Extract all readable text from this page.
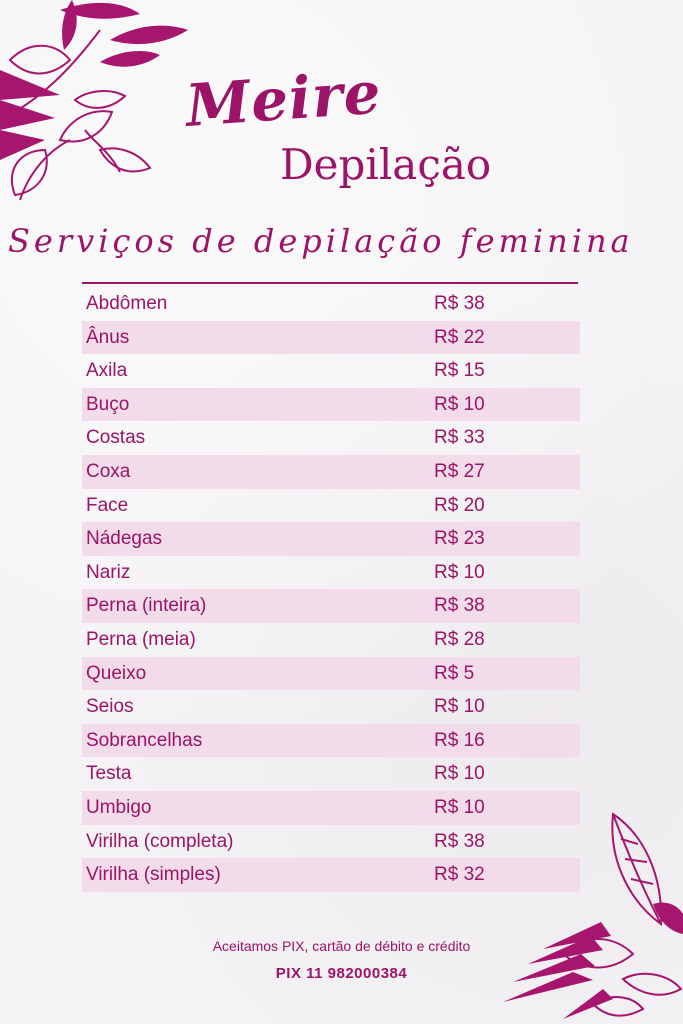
Meire
Depilação
Serviços de depilação feminina
Abdômen	R$ 38
Ânus	R$ 22
Axila	R$ 15
Buço	R$ 10
Costas	R$ 33
Coxa	R$ 27
Face	R$ 20
Nádegas	R$ 23
Nariz	R$ 10
Perna (inteira)	R$ 38
Perna (meia)	R$ 28
Queixo	R$ 5
Seios	R$ 10
Sobrancelhas	R$ 16
Testa	R$ 10
Umbigo	R$ 10
Virilha (completa)	R$ 38
Virilha (simples)	R$ 32
Aceitamos PIX, cartão de débito e crédito
PIX 11 982000384
